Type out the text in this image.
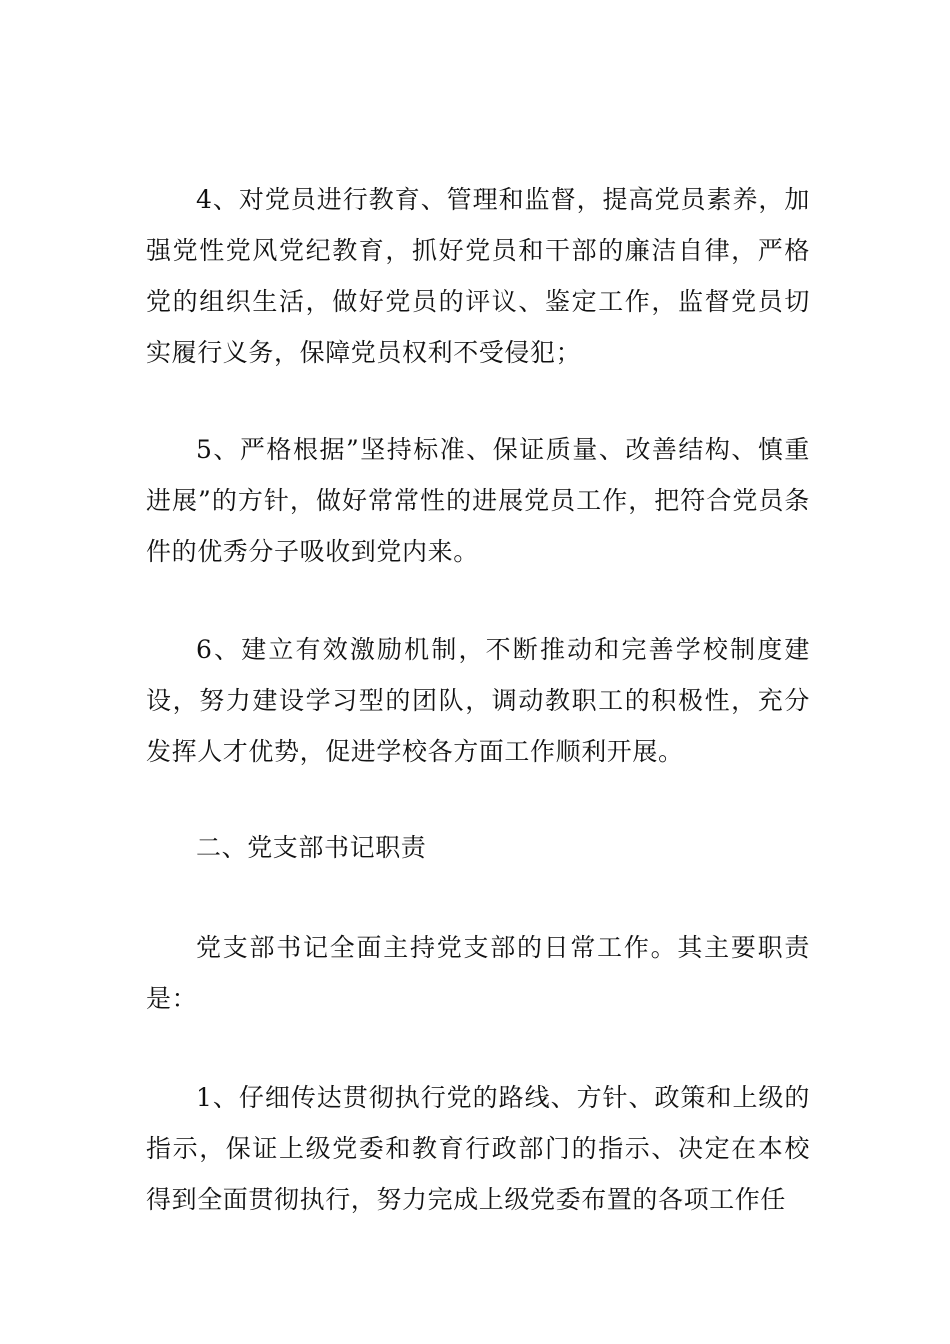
4、对党员进行教育、管理和监督，提高党员素养，加强党性党风党纪教育，抓好党员和干部的廉洁自律，严格党的组织生活，做好党员的评议、鉴定工作，监督党员切实履行义务，保障党员权利不受侵犯；

5、严格根据”坚持标准、保证质量、改善结构、慎重进展”的方针，做好常常性的进展党员工作，把符合党员条件的优秀分子吸收到党内来。

6、建立有效激励机制，不断推动和完善学校制度建设，努力建设学习型的团队，调动教职工的积极性，充分发挥人才优势，促进学校各方面工作顺利开展。

二、党支部书记职责

党支部书记全面主持党支部的日常工作。其主要职责是：

1、仔细传达贯彻执行党的路线、方针、政策和上级的指示，保证上级党委和教育行政部门的指示、决定在本校得到全面贯彻执行，努力完成上级党委布置的各项工作任
